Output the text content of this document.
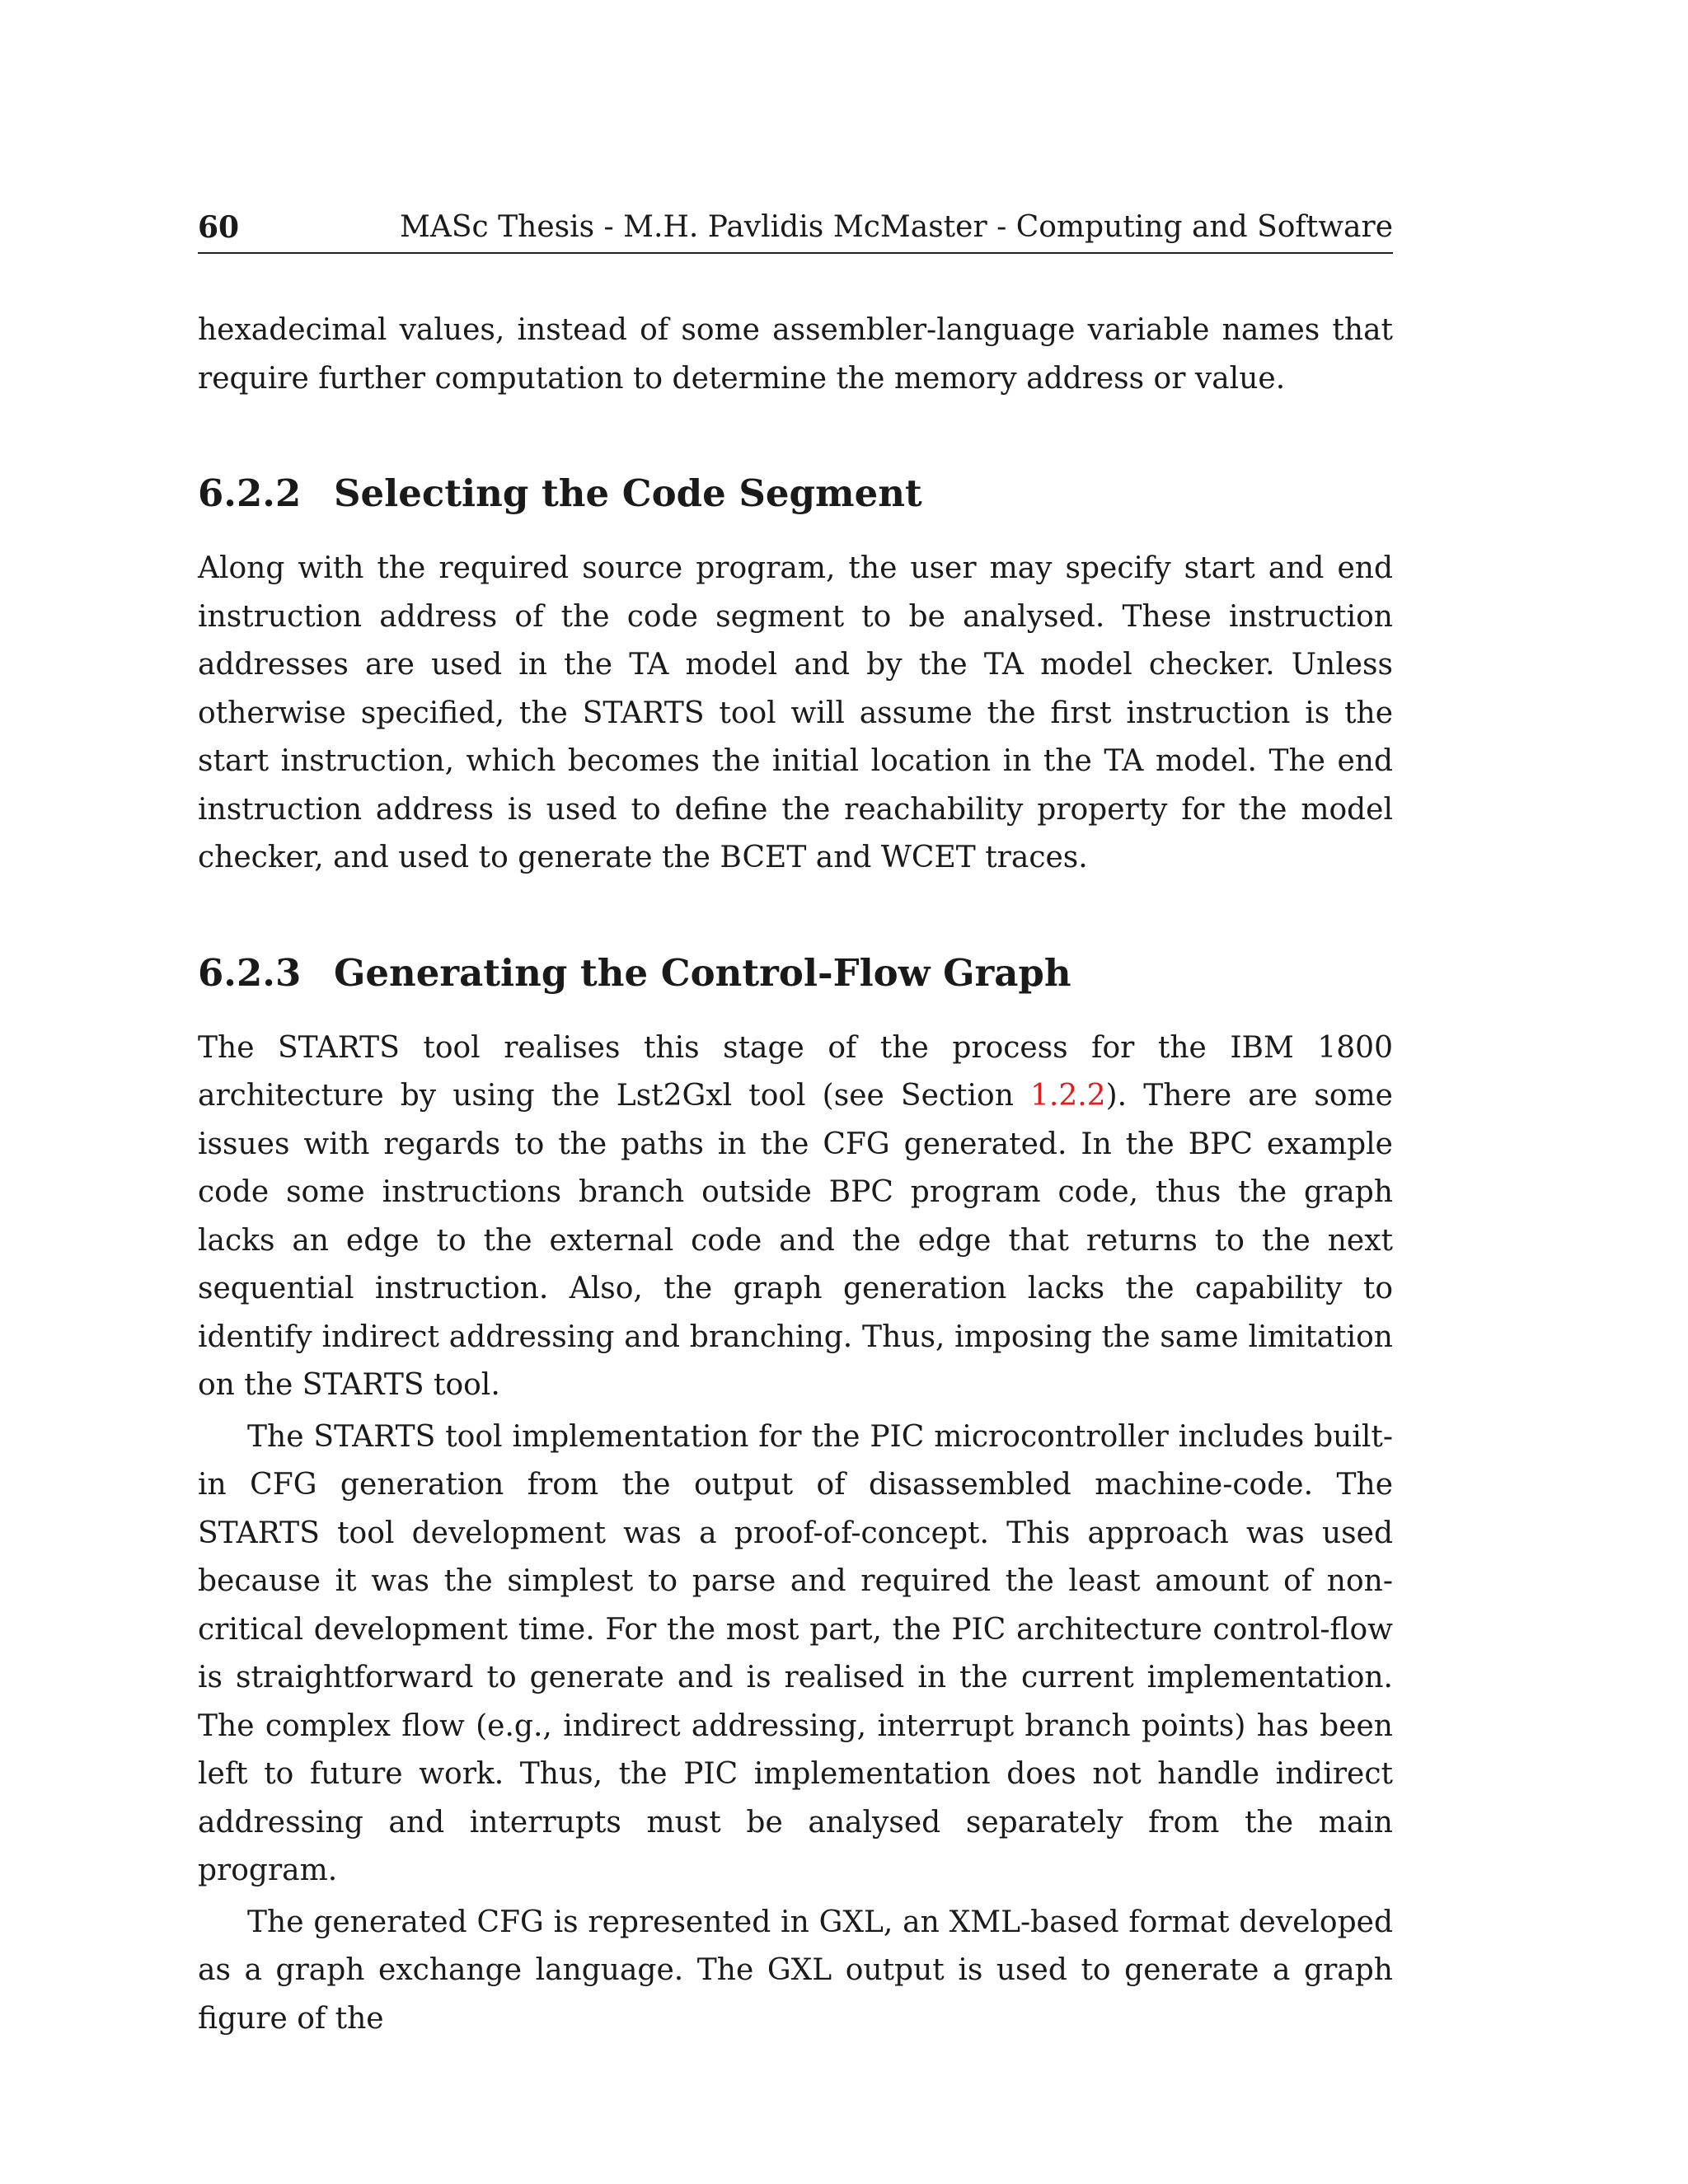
60	MASc Thesis - M.H. Pavlidis McMaster - Computing and Software

hexadecimal values, instead of some assembler-language variable names that require further computation to determine the memory address or value.

6.2.2 Selecting the Code Segment

Along with the required source program, the user may specify start and end instruction address of the code segment to be analysed. These instruction addresses are used in the TA model and by the TA model checker. Unless otherwise specified, the STARTS tool will assume the first instruction is the start instruction, which becomes the initial location in the TA model. The end instruction address is used to define the reachability property for the model checker, and used to generate the BCET and WCET traces.

6.2.3 Generating the Control-Flow Graph

The STARTS tool realises this stage of the process for the IBM 1800 architecture by using the Lst2Gxl tool (see Section 1.2.2). There are some issues with regards to the paths in the CFG generated. In the BPC example code some instructions branch outside BPC program code, thus the graph lacks an edge to the external code and the edge that returns to the next sequential instruction. Also, the graph generation lacks the capability to identify indirect addressing and branching. Thus, imposing the same limitation on the STARTS tool.

The STARTS tool implementation for the PIC microcontroller includes built-in CFG generation from the output of disassembled machine-code. The STARTS tool development was a proof-of-concept. This approach was used because it was the simplest to parse and required the least amount of non-critical development time. For the most part, the PIC architecture control-flow is straightforward to generate and is realised in the current implementation. The complex flow (e.g., indirect addressing, interrupt branch points) has been left to future work. Thus, the PIC implementation does not handle indirect addressing and interrupts must be analysed separately from the main program.

The generated CFG is represented in GXL, an XML-based format developed as a graph exchange language. The GXL output is used to generate a graph figure of the
